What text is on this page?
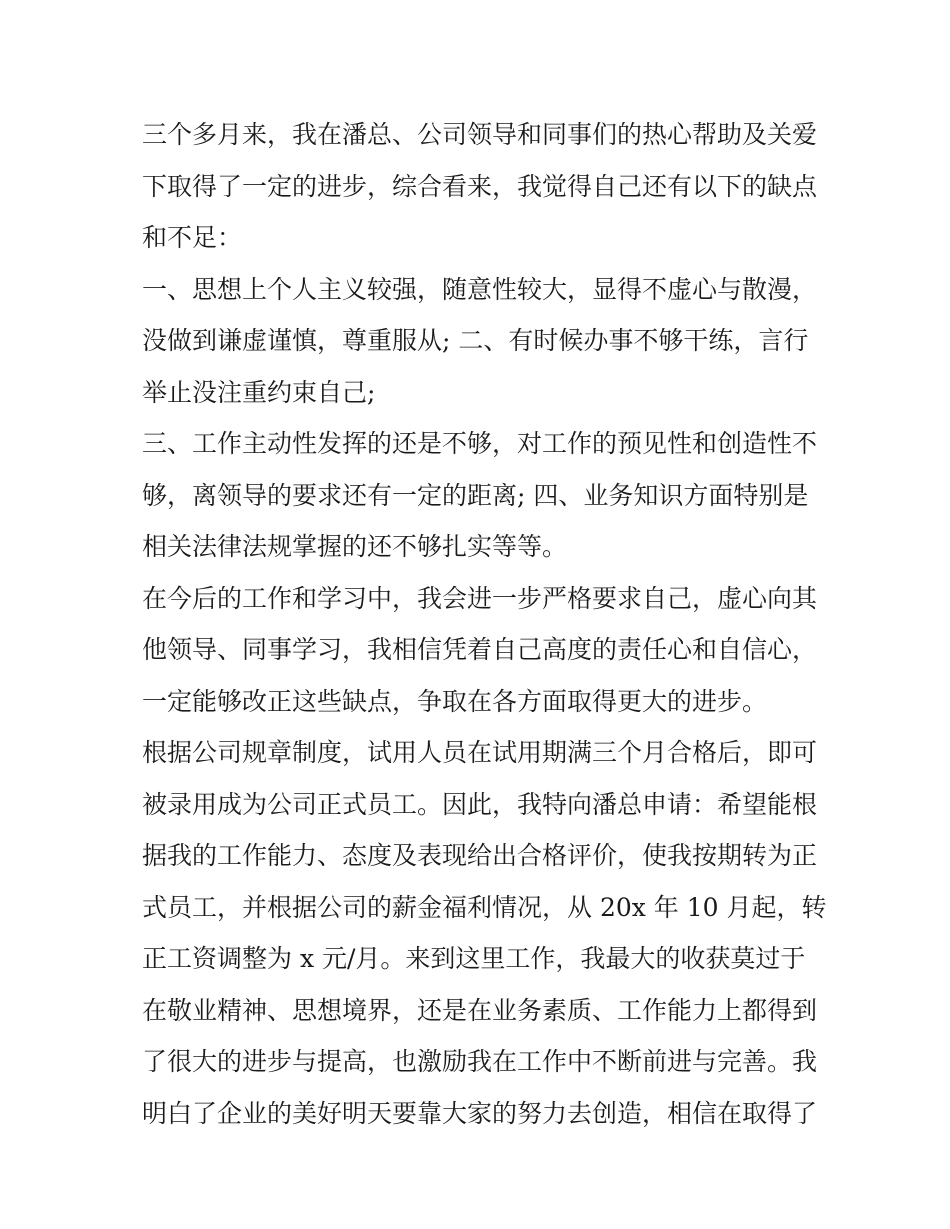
三个多月来，我在潘总、公司领导和同事们的热心帮助及关爱
下取得了一定的进步，综合看来，我觉得自己还有以下的缺点
和不足：
一、思想上个人主义较强，随意性较大，显得不虚心与散漫，
没做到谦虚谨慎，尊重服从; 二、有时候办事不够干练，言行
举止没注重约束自己;
三、工作主动性发挥的还是不够，对工作的预见性和创造性不
够，离领导的要求还有一定的距离; 四、业务知识方面特别是
相关法律法规掌握的还不够扎实等等。
在今后的工作和学习中，我会进一步严格要求自己，虚心向其
他领导、同事学习，我相信凭着自己高度的责任心和自信心，
一定能够改正这些缺点，争取在各方面取得更大的进步。
根据公司规章制度，试用人员在试用期满三个月合格后，即可
被录用成为公司正式员工。因此，我特向潘总申请：希望能根
据我的工作能力、态度及表现给出合格评价，使我按期转为正
式员工，并根据公司的薪金福利情况，从 20x 年 10 月起，转
正工资调整为 x 元/月。来到这里工作，我最大的收获莫过于
在敬业精神、思想境界，还是在业务素质、工作能力上都得到
了很大的进步与提高，也激励我在工作中不断前进与完善。我
明白了企业的美好明天要靠大家的努力去创造，相信在取得了
